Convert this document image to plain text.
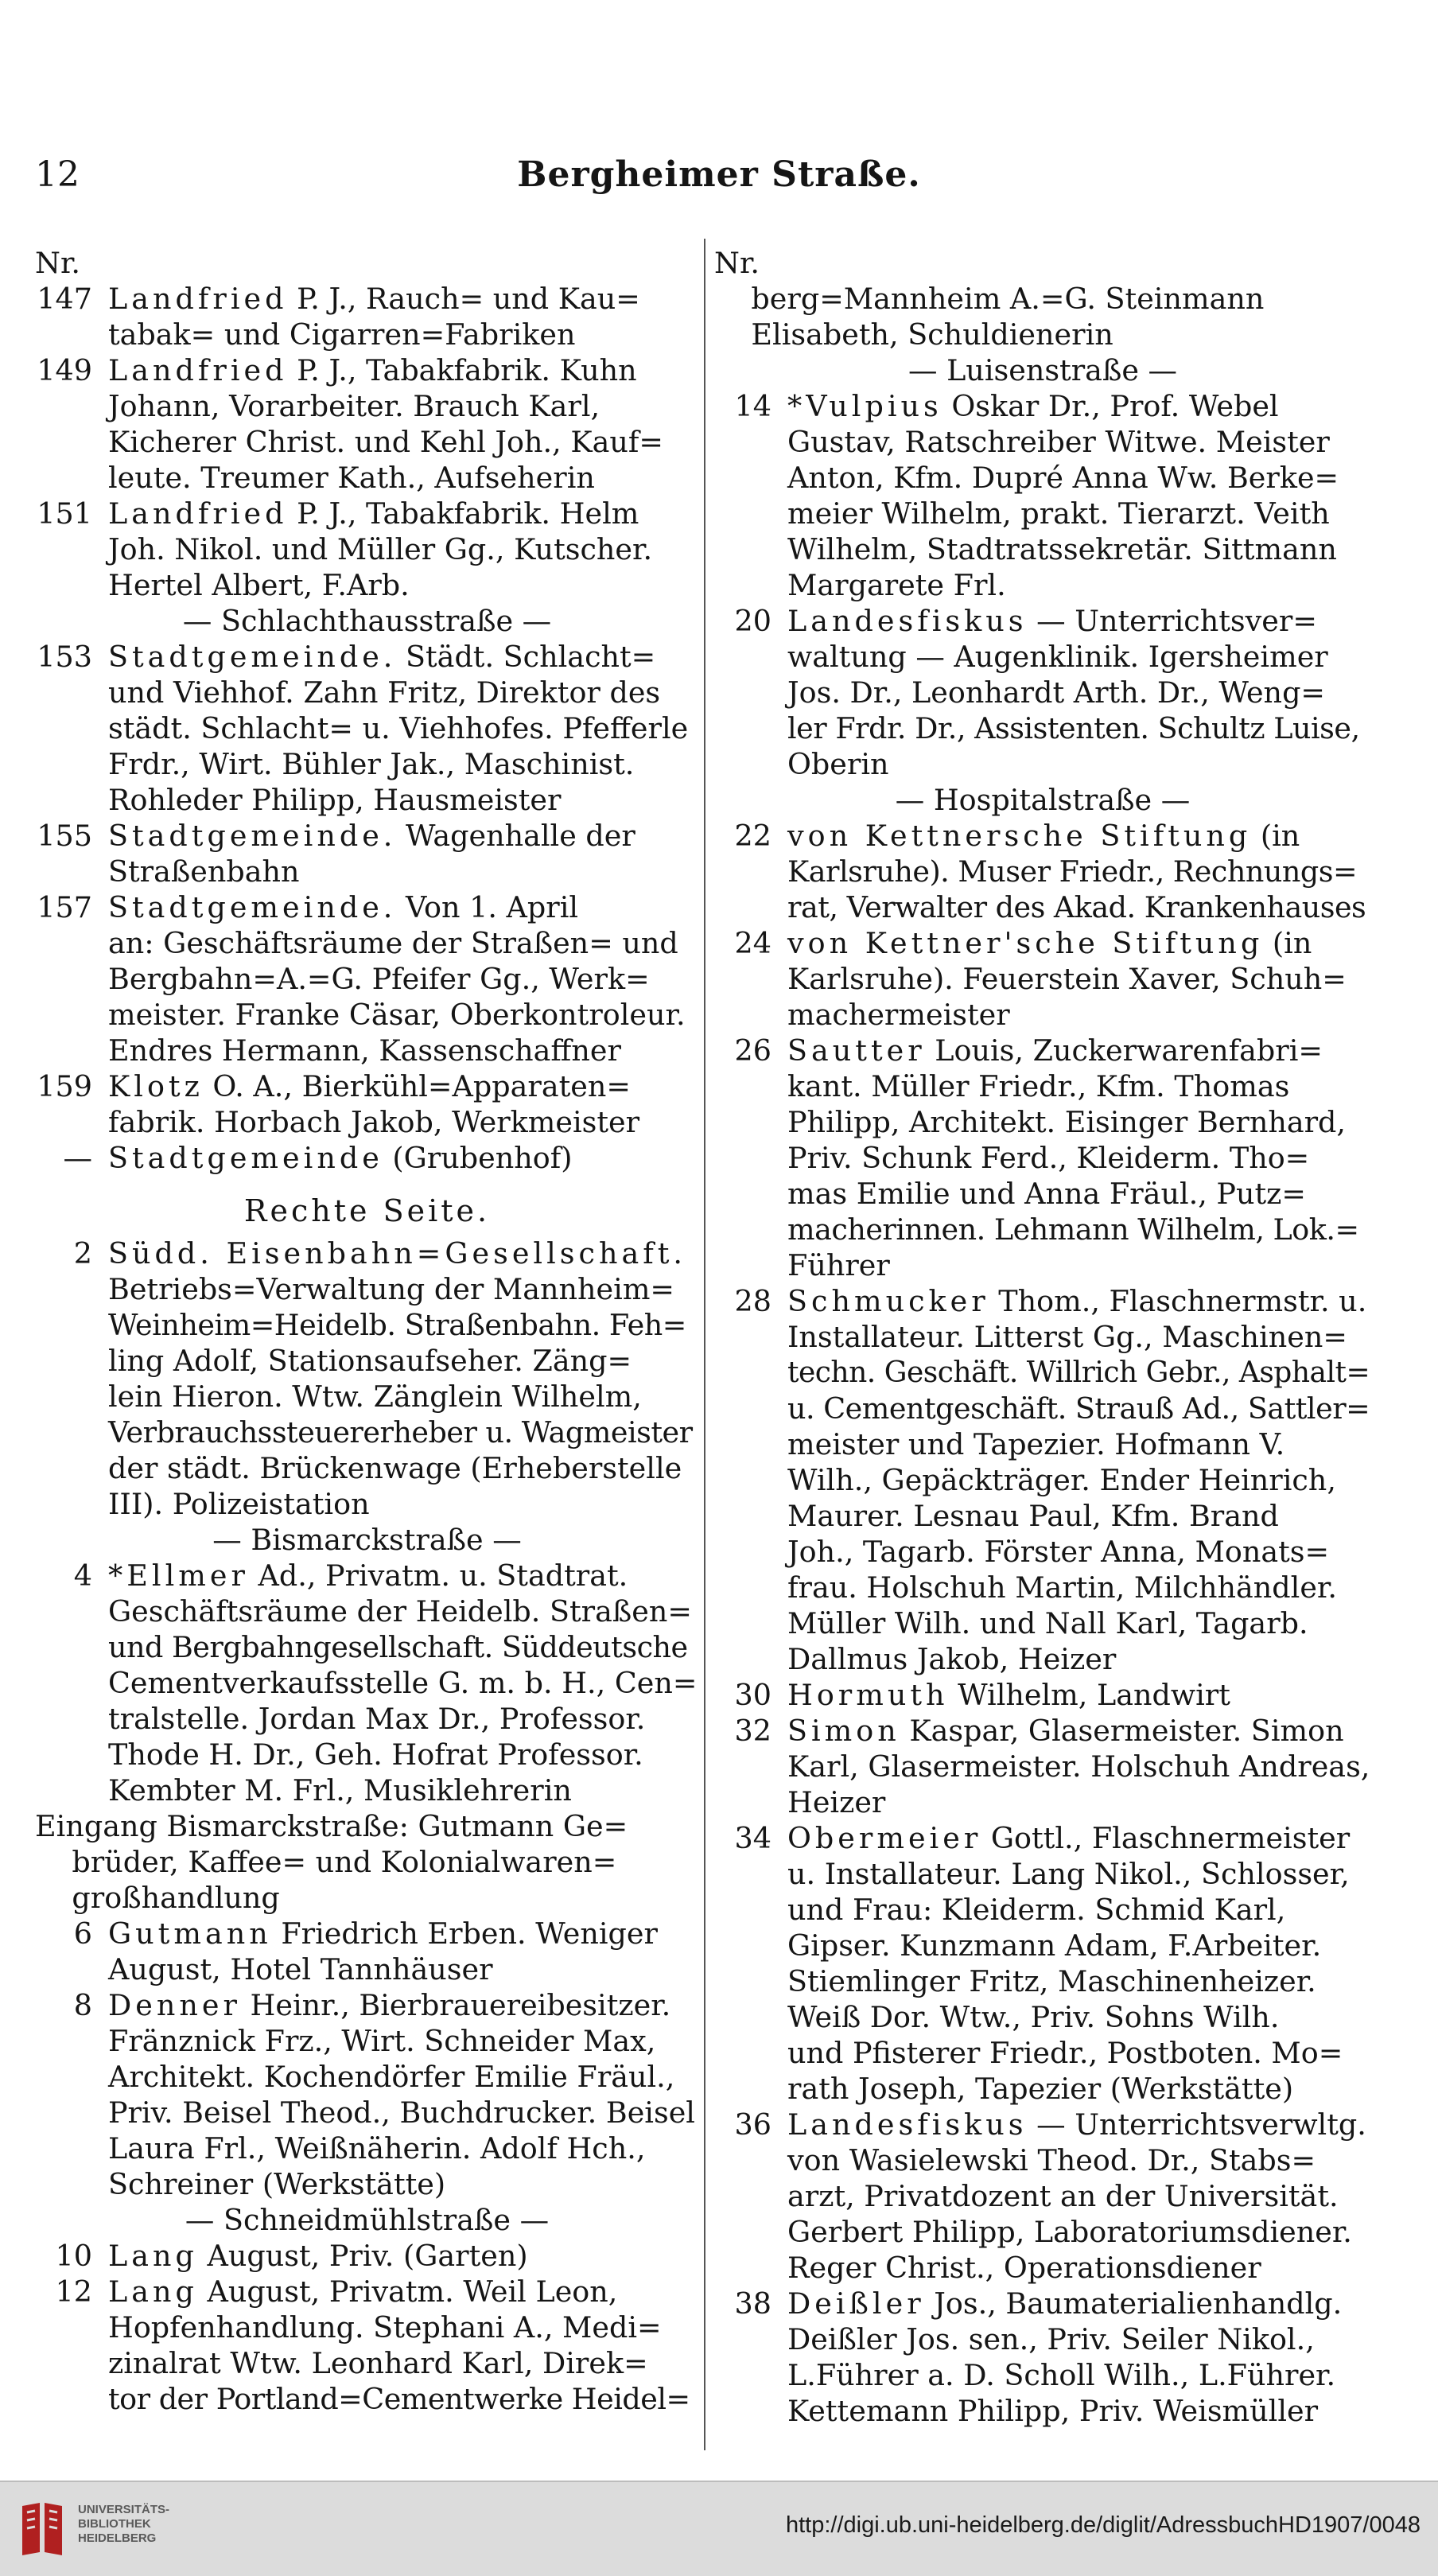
12	Bergheimer Straße.
Nr.
147 Landfried P. J., Rauch= und Kau=
tabak= und Cigarren=Fabriken
149 Landfried P. J., Tabakfabrik. Kuhn
Johann, Vorarbeiter. Brauch Karl,
Kicherer Christ. und Kehl Joh., Kauf=
leute. Treumer Kath., Aufseherin
151 Landfried P. J., Tabakfabrik. Helm
Joh. Nikol. und Müller Gg., Kutscher.
Hertel Albert, F.Arb.
— Schlachthausstraße —
153 Stadtgemeinde. Städt. Schlacht=
und Viehhof. Zahn Fritz, Direktor des
städt. Schlacht= u. Viehhofes. Pfefferle
Frdr., Wirt. Bühler Jak., Maschinist.
Rohleder Philipp, Hausmeister
155 Stadtgemeinde. Wagenhalle der
Straßenbahn
157 Stadtgemeinde. Von 1. April
an: Geschäftsräume der Straßen= und
Bergbahn=A.=G. Pfeifer Gg., Werk=
meister. Franke Cäsar, Oberkontroleur.
Endres Hermann, Kassenschaffner
159 Klotz O. A., Bierkühl=Apparaten=
fabrik. Horbach Jakob, Werkmeister
— Stadtgemeinde (Grubenhof)
Rechte Seite.
2 Südd. Eisenbahn=Gesellschaft.
Betriebs=Verwaltung der Mannheim=
Weinheim=Heidelb. Straßenbahn. Feh=
ling Adolf, Stationsaufseher. Zäng=
lein Hieron. Wtw. Zänglein Wilhelm,
Verbrauchssteuererheber u. Wagmeister
der städt. Brückenwage (Erheberstelle
III). Polizeistation
— Bismarckstraße —
4 *Ellmer Ad., Privatm. u. Stadtrat.
Geschäftsräume der Heidelb. Straßen=
und Bergbahngesellschaft. Süddeutsche
Cementverkaufsstelle G. m. b. H., Cen=
tralstelle. Jordan Max Dr., Professor.
Thode H. Dr., Geh. Hofrat Professor.
Kembter M. Frl., Musiklehrerin
Eingang Bismarckstraße: Gutmann Ge=
brüder, Kaffee= und Kolonialwaren=
großhandlung
6 Gutmann Friedrich Erben. Weniger
August, Hotel Tannhäuser
8 Denner Heinr., Bierbrauereibesitzer.
Fränznick Frz., Wirt. Schneider Max,
Architekt. Kochendörfer Emilie Fräul.,
Priv. Beisel Theod., Buchdrucker. Beisel
Laura Frl., Weißnäherin. Adolf Hch.,
Schreiner (Werkstätte)
— Schneidmühlstraße —
10 Lang August, Priv. (Garten)
12 Lang August, Privatm. Weil Leon,
Hopfenhandlung. Stephani A., Medi=
zinalrat Wtw. Leonhard Karl, Direk=
tor der Portland=Cementwerke Heidel=
Nr.
berg=Mannheim A.=G. Steinmann
Elisabeth, Schuldienerin
— Luisenstraße —
14 *Vulpius Oskar Dr., Prof. Webel
Gustav, Ratschreiber Witwe. Meister
Anton, Kfm. Dupré Anna Ww. Berke=
meier Wilhelm, prakt. Tierarzt. Veith
Wilhelm, Stadtratssekretär. Sittmann
Margarete Frl.
20 Landesfiskus — Unterrichtsver=
waltung — Augenklinik. Igersheimer
Jos. Dr., Leonhardt Arth. Dr., Weng=
ler Frdr. Dr., Assistenten. Schultz Luise,
Oberin
— Hospitalstraße —
22 von Kettnersche Stiftung (in
Karlsruhe). Muser Friedr., Rechnungs=
rat, Verwalter des Akad. Krankenhauses
24 von Kettner'sche Stiftung (in
Karlsruhe). Feuerstein Xaver, Schuh=
machermeister
26 Sautter Louis, Zuckerwarenfabri=
kant. Müller Friedr., Kfm. Thomas
Philipp, Architekt. Eisinger Bernhard,
Priv. Schunk Ferd., Kleiderm. Tho=
mas Emilie und Anna Fräul., Putz=
macherinnen. Lehmann Wilhelm, Lok.=
Führer
28 Schmucker Thom., Flaschnermstr. u.
Installateur. Litterst Gg., Maschinen=
techn. Geschäft. Willrich Gebr., Asphalt=
u. Cementgeschäft. Strauß Ad., Sattler=
meister und Tapezier. Hofmann V.
Wilh., Gepäckträger. Ender Heinrich,
Maurer. Lesnau Paul, Kfm. Brand
Joh., Tagarb. Förster Anna, Monats=
frau. Holschuh Martin, Milchhändler.
Müller Wilh. und Nall Karl, Tagarb.
Dallmus Jakob, Heizer
30 Hormuth Wilhelm, Landwirt
32 Simon Kaspar, Glasermeister. Simon
Karl, Glasermeister. Holschuh Andreas,
Heizer
34 Obermeier Gottl., Flaschnermeister
u. Installateur. Lang Nikol., Schlosser,
und Frau: Kleiderm. Schmid Karl,
Gipser. Kunzmann Adam, F.Arbeiter.
Stiemlinger Fritz, Maschinenheizer.
Weiß Dor. Wtw., Priv. Sohns Wilh.
und Pfisterer Friedr., Postboten. Mo=
rath Joseph, Tapezier (Werkstätte)
36 Landesfiskus — Unterrichtsverwltg.
von Wasielewski Theod. Dr., Stabs=
arzt, Privatdozent an der Universität.
Gerbert Philipp, Laboratoriumsdiener.
Reger Christ., Operationsdiener
38 Deißler Jos., Baumaterialienhandlg.
Deißler Jos. sen., Priv. Seiler Nikol.,
L.Führer a. D. Scholl Wilh., L.Führer.
Kettemann Philipp, Priv. Weismüller
UNIVERSITÄTS-
BIBLIOTHEK
HEIDELBERG
http://digi.ub.uni-heidelberg.de/diglit/AdressbuchHD1907/0048
